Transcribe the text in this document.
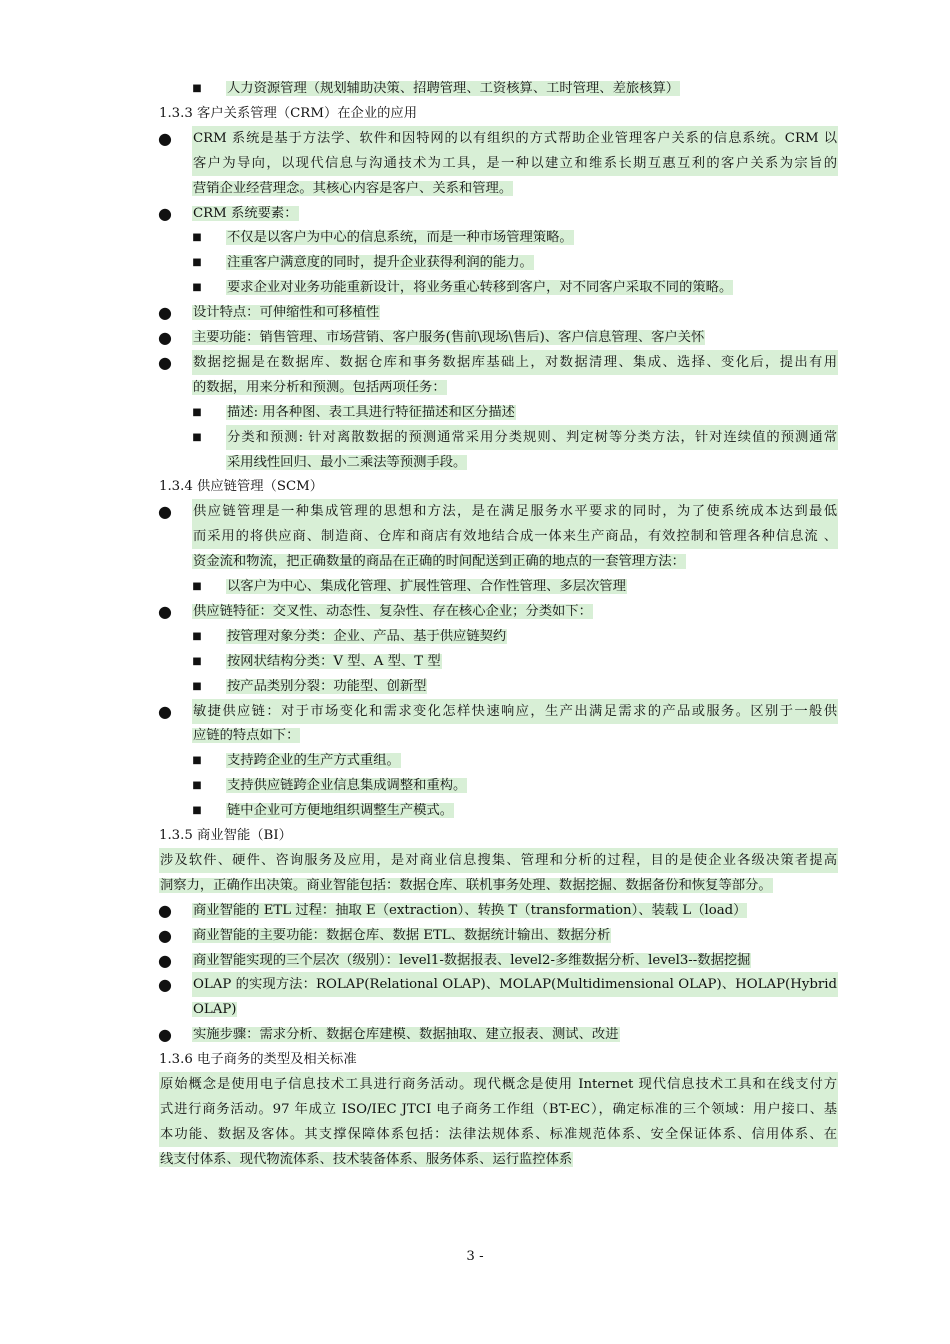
■ 人力资源管理（规划辅助决策、招聘管理、工资核算、工时管理、差旅核算）
1.3.3 客户关系管理（CRM）在企业的应用
● CRM 系统是基于方法学、软件和因特网的以有组织的方式帮助企业管理客户关系的信息系统。CRM 以
客户为导向，以现代信息与沟通技术为工具，是一种以建立和维系长期互惠互利的客户关系为宗旨的
营销企业经营理念。其核心内容是客户、关系和管理。
● CRM 系统要素：
■ 不仅是以客户为中心的信息系统，而是一种市场管理策略。
■ 注重客户满意度的同时，提升企业获得利润的能力。
■ 要求企业对业务功能重新设计，将业务重心转移到客户，对不同客户采取不同的策略。
● 设计特点：可伸缩性和可移植性
● 主要功能：销售管理、市场营销、客户服务(售前\现场\售后)、客户信息管理、客户关怀
● 数据挖掘是在数据库、数据仓库和事务数据库基础上，对数据清理、集成、选择、变化后，提出有用
的数据，用来分析和预测。包括两项任务：
■ 描述: 用各种图、表工具进行特征描述和区分描述
■ 分类和预测: 针对离散数据的预测通常采用分类规则、判定树等分类方法，针对连续值的预测通常
采用线性回归、最小二乘法等预测手段。
1.3.4 供应链管理（SCM）
● 供应链管理是一种集成管理的思想和方法，是在满足服务水平要求的同时，为了使系统成本达到最低
而采用的将供应商、制造商、仓库和商店有效地结合成一体来生产商品，有效控制和管理各种信息流 、
资金流和物流，把正确数量的商品在正确的时间配送到正确的地点的一套管理方法：
■ 以客户为中心、集成化管理、扩展性管理、合作性管理、多层次管理
● 供应链特征：交叉性、动态性、复杂性、存在核心企业；分类如下：
■ 按管理对象分类：企业、产品、基于供应链契约
■ 按网状结构分类：V 型、A 型、T 型
■ 按产品类别分裂：功能型、创新型
● 敏捷供应链：对于市场变化和需求变化怎样快速响应，生产出满足需求的产品或服务。区别于一般供
应链的特点如下：
■ 支持跨企业的生产方式重组。
■ 支持供应链跨企业信息集成调整和重构。
■ 链中企业可方便地组织调整生产模式。
1.3.5 商业智能（BI）
涉及软件、硬件、咨询服务及应用，是对商业信息搜集、管理和分析的过程，目的是使企业各级决策者提高
洞察力，正确作出决策。商业智能包括：数据仓库、联机事务处理、数据挖掘、数据备份和恢复等部分。
● 商业智能的 ETL 过程：抽取 E（extraction）、转换 T（transformation）、装载 L（load）
● 商业智能的主要功能：数据仓库、数据 ETL、数据统计输出、数据分析
● 商业智能实现的三个层次（级别）：level1-数据报表、level2-多维数据分析、level3--数据挖掘
● OLAP 的实现方法：ROLAP(Relational OLAP)、MOLAP(Multidimensional OLAP)、HOLAP(Hybrid
OLAP)
● 实施步骤：需求分析、数据仓库建模、数据抽取、建立报表、测试、改进
1.3.6 电子商务的类型及相关标准
原始概念是使用电子信息技术工具进行商务活动。现代概念是使用 Internet 现代信息技术工具和在线支付方
式进行商务活动。97 年成立 ISO/IEC JTCI 电子商务工作组（BT-EC），确定标准的三个领域：用户接口、基
本功能、数据及客体。其支撑保障体系包括：法律法规体系、标准规范体系、安全保证体系、信用体系、在
线支付体系、现代物流体系、技术装备体系、服务体系、运行监控体系
3 -
